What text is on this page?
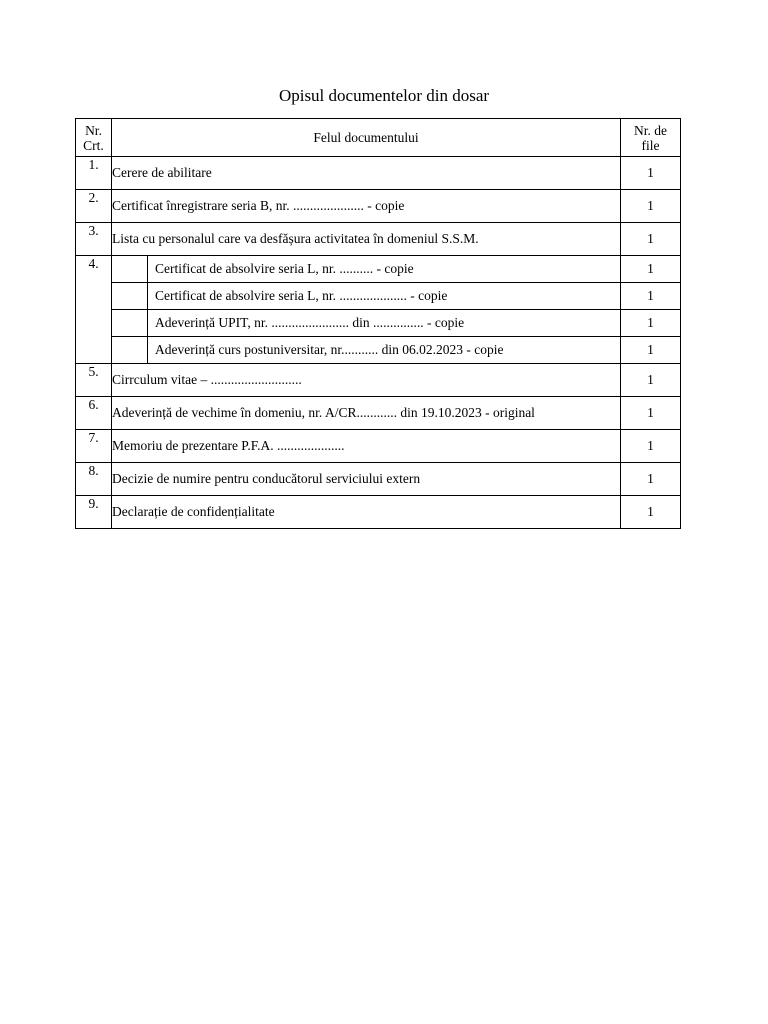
Opisul documentelor din dosar
Nr. Crt.	Felul documentului		Nr. de file
1.	Cerere de abilitare		1
2.	Certificat înregistrare seria B, nr. ..................... - copie		1
3.	Lista cu personalul care va desfășura activitatea în domeniul S.S.M.		1
4.		Certificat de absolvire seria L, nr. .......... - copie	1
		Certificat de absolvire seria L, nr. .................... - copie	1
		Adeverință UPIT, nr. ....................... din ............... - copie	1
		Adeverință curs postuniversitar, nr........... din 06.02.2023 - copie	1
5.	Cirrculum vitae – ...........................		1
6.	Adeverință de vechime în domeniu, nr. A/CR............ din 19.10.2023 - original		1
7.	Memoriu de prezentare P.F.A. ....................		1
8.	Decizie de numire pentru conducătorul serviciului extern		1
9.	Declarație de confidențialitate		1
